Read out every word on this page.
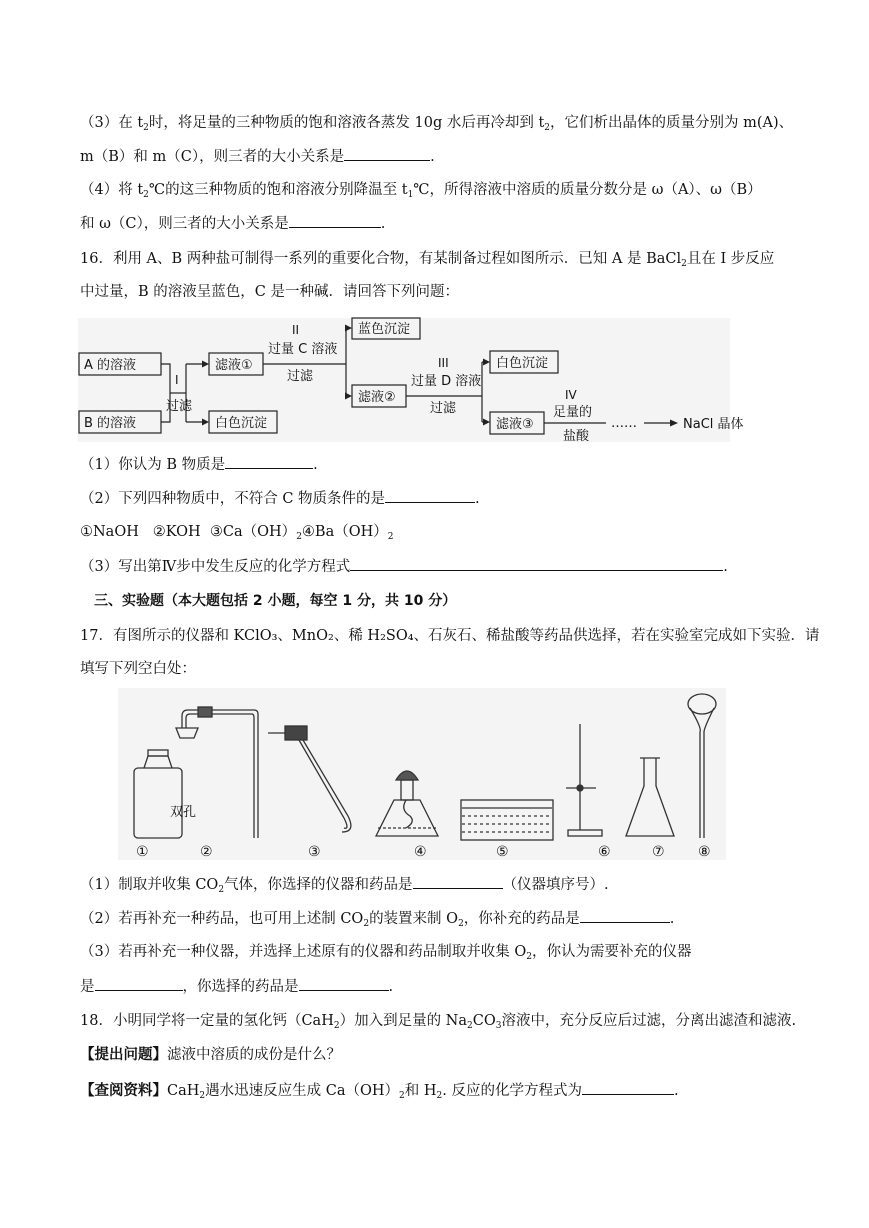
（3）在 $t_2$时，将足量的三种物质的饱和溶液各蒸发 10g 水后再冷却到 $t_2$，它们析出晶体的质量分别为 m(A)、
m（B）和 m（C），则三者的大小关系是	.
（4）将 $t_2℃$的这三种物质的饱和溶液分别降温至 $t_1℃$，所得溶液中溶质的质量分数分是 ω（A）、ω（B）
和 ω（C），则三者的大小关系是	.
16．利用 A、B 两种盐可制得一系列的重要化合物，有某制备过程如图所示．已知 A 是 BaCl$_2$且在 Ⅰ 步反应
中过量，B 的溶液呈蓝色，C 是一种碱．请回答下列问题：
A 的溶液
B 的溶液
I
过滤
滤液①
白色沉淀
II
过量 C 溶液
过滤
蓝色沉淀
滤液②
III
过量 D 溶液
过滤
白色沉淀
滤液③
IV
足量的
盐酸
……	NaCl 晶体
（1）你认为 B 物质是	.
（2）下列四种物质中，不符合 C 物质条件的是	.
①NaOH ②KOH $③Ca(OH)_2④Ba(OH)_2$
（3）写出第Ⅳ步中发生反应的化学方程式	.
三、实验题（本大题包括 2 小题，每空 1 分，共 10 分）
17．有图所示的仪器和 KClO₃、MnO₂、稀 H₂SO₄、石灰石、稀盐酸等药品供选择，若在实验室完成如下实验．请
填写下列空白处：
双孔
①	②	③	④	⑤	⑥	⑦ ⑧
（1）制取并收集 $CO_2$气体，你选择的仪器和药品是	（仪器填序号）.
（2）若再补充一种药品，也可用上述制 $CO_2$的装置来制 $O_2$，你补充的药品是	.
（3）若再补充一种仪器，并选择上述原有的仪器和药品制取并收集 $O_2$，你认为需要补充的仪器
是	，你选择的药品是	.
18．小明同学将一定量的氢化钙（CaH$_2$）加入到足量的 $Na_2CO_3$溶液中，充分反应后过滤，分离出滤渣和滤液.
【提出问题】滤液中溶质的成份是什么？
【查阅资料】CaH$_2$遇水迅速反应生成 $Ca(OH)_2$和 $H_2$. 反应的化学方程式为	.
